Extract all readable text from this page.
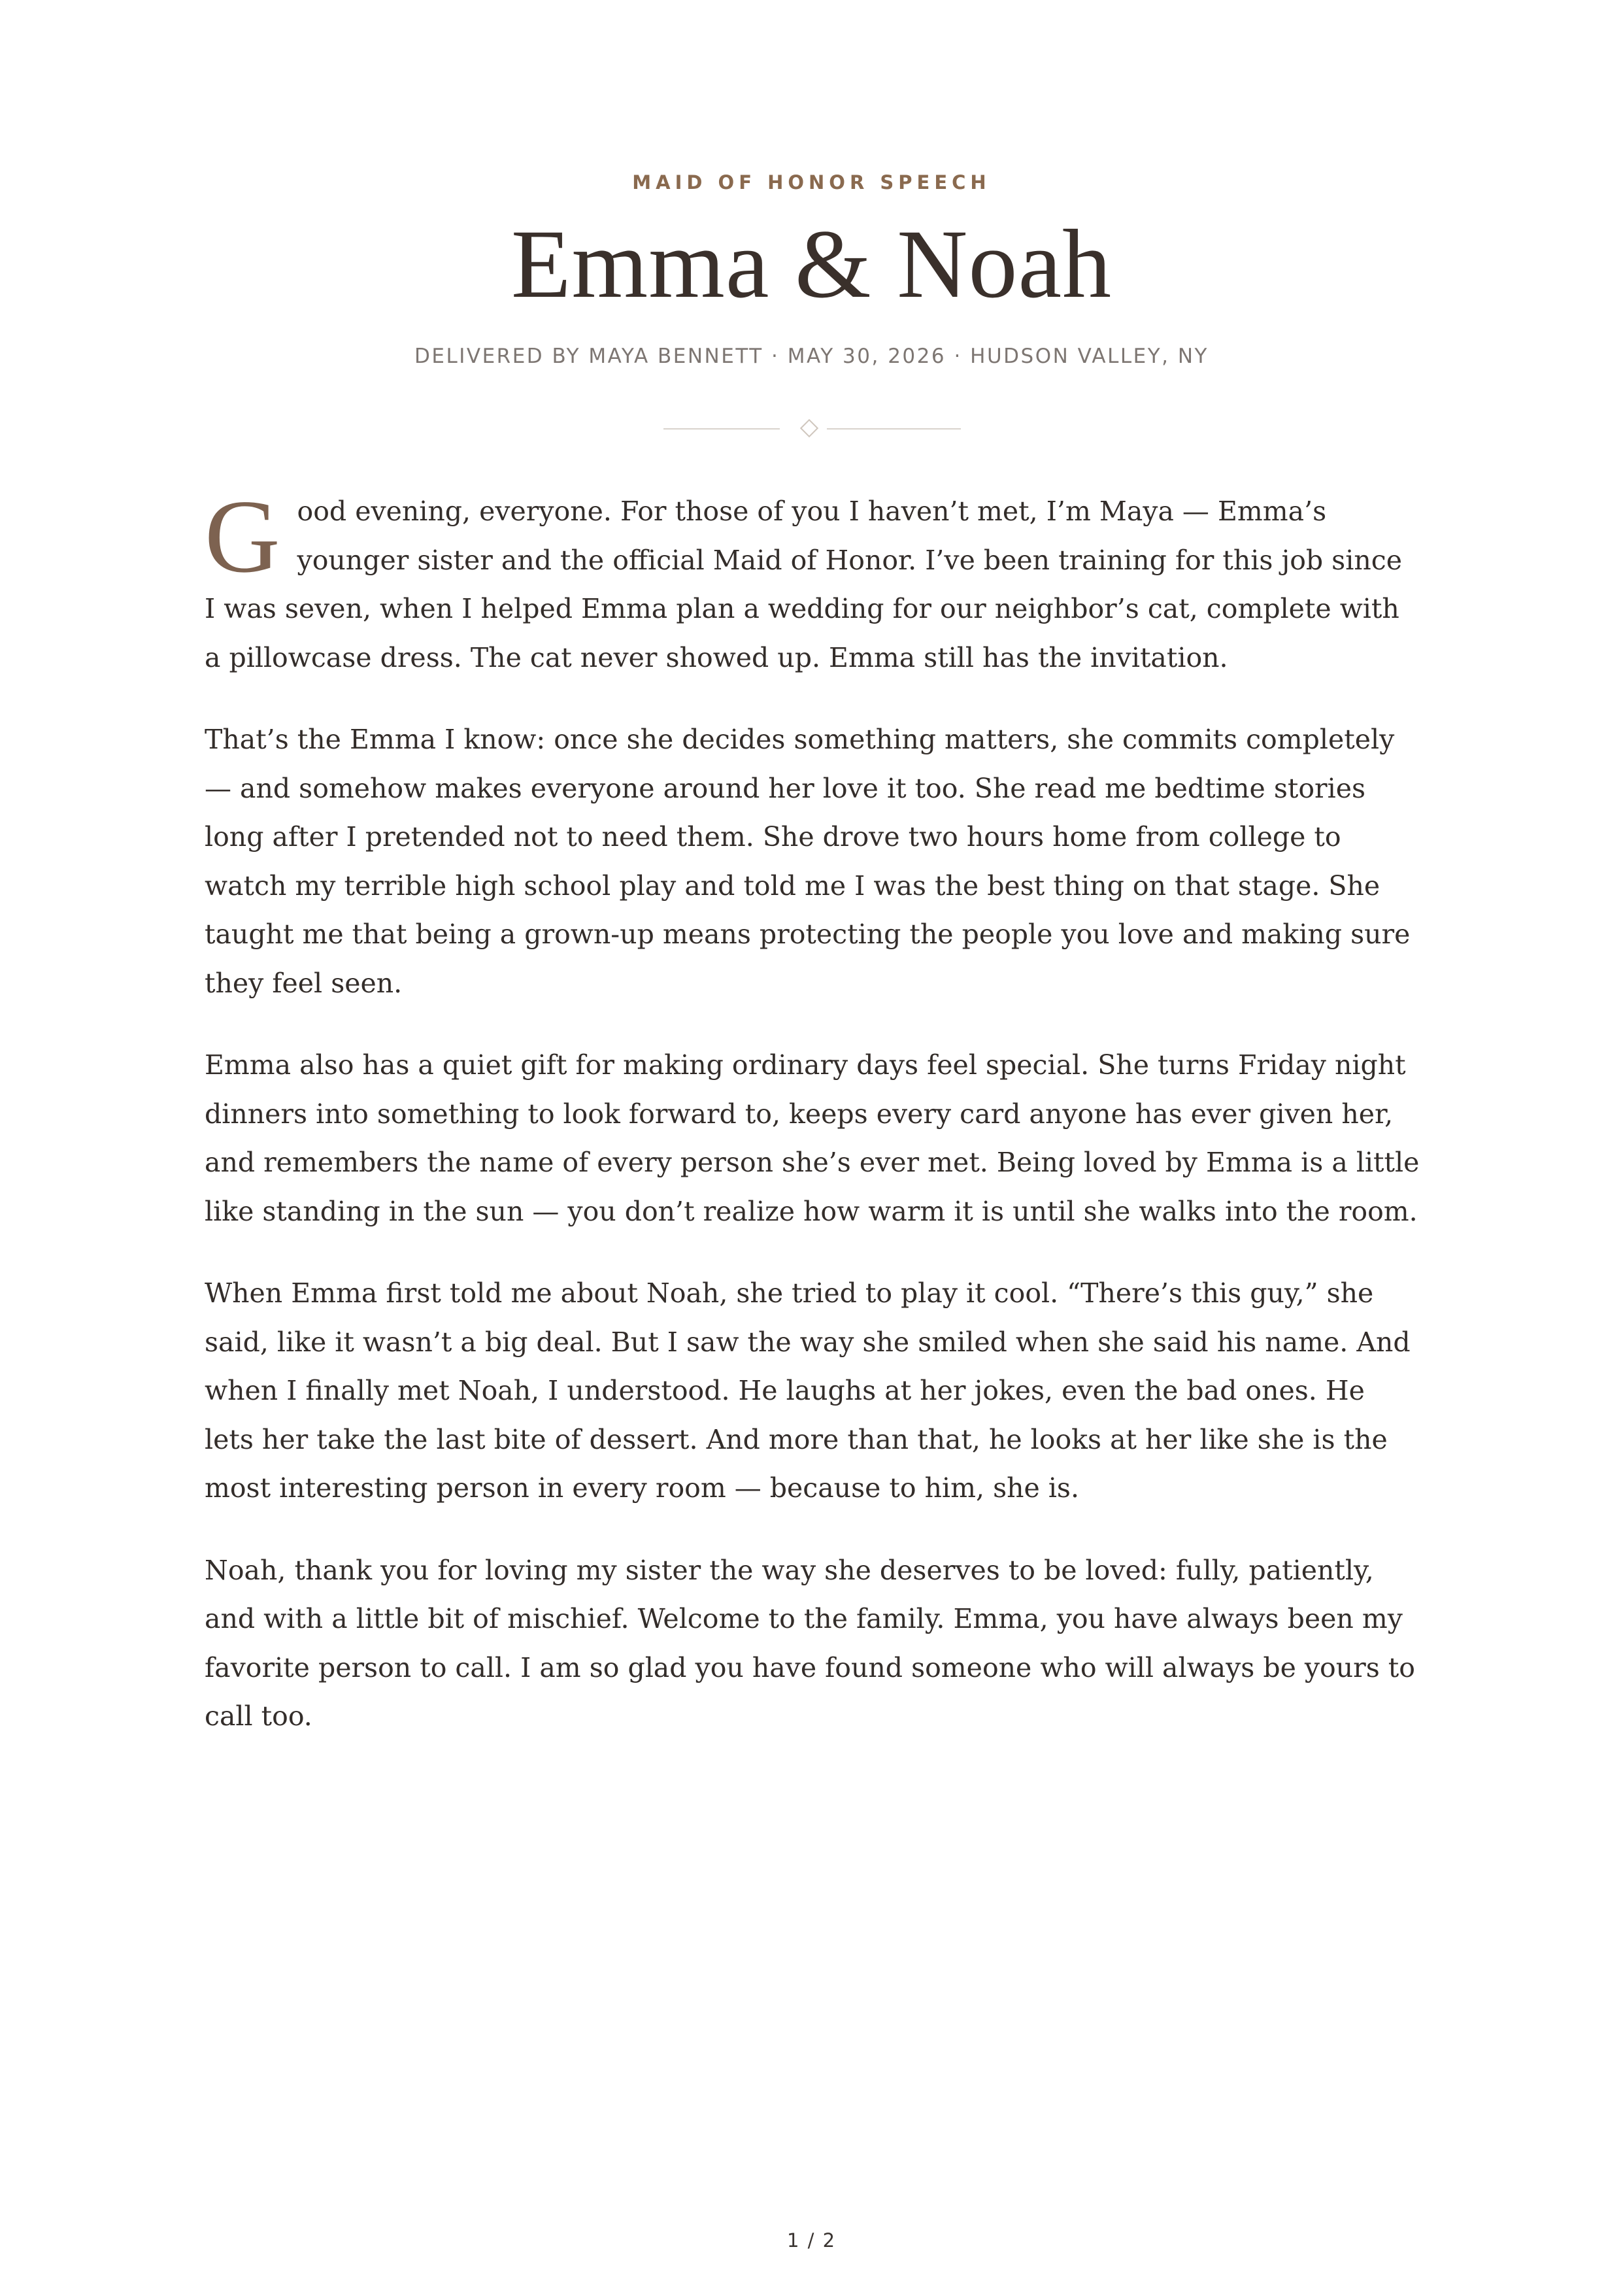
MAID OF HONOR SPEECH
Emma & Noah
DELIVERED BY MAYA BENNETT · MAY 30, 2026 · HUDSON VALLEY, NY

Good evening, everyone. For those of you I haven’t met, I’m Maya — Emma’s younger sister and the official Maid of Honor. I’ve been training for this job since I was seven, when I helped Emma plan a wedding for our neighbor’s cat, complete with a pillowcase dress. The cat never showed up. Emma still has the invitation.

That’s the Emma I know: once she decides something matters, she commits completely — and somehow makes everyone around her love it too. She read me bedtime stories long after I pretended not to need them. She drove two hours home from college to watch my terrible high school play and told me I was the best thing on that stage. She taught me that being a grown-up means protecting the people you love and making sure they feel seen.

Emma also has a quiet gift for making ordinary days feel special. She turns Friday night dinners into something to look forward to, keeps every card anyone has ever given her, and remembers the name of every person she’s ever met. Being loved by Emma is a little like standing in the sun — you don’t realize how warm it is until she walks into the room.

When Emma first told me about Noah, she tried to play it cool. “There’s this guy,” she said, like it wasn’t a big deal. But I saw the way she smiled when she said his name. And when I finally met Noah, I understood. He laughs at her jokes, even the bad ones. He lets her take the last bite of dessert. And more than that, he looks at her like she is the most interesting person in every room — because to him, she is.

Noah, thank you for loving my sister the way she deserves to be loved: fully, patiently, and with a little bit of mischief. Welcome to the family. Emma, you have always been my favorite person to call. I am so glad you have found someone who will always be yours to call too.

1 / 2
